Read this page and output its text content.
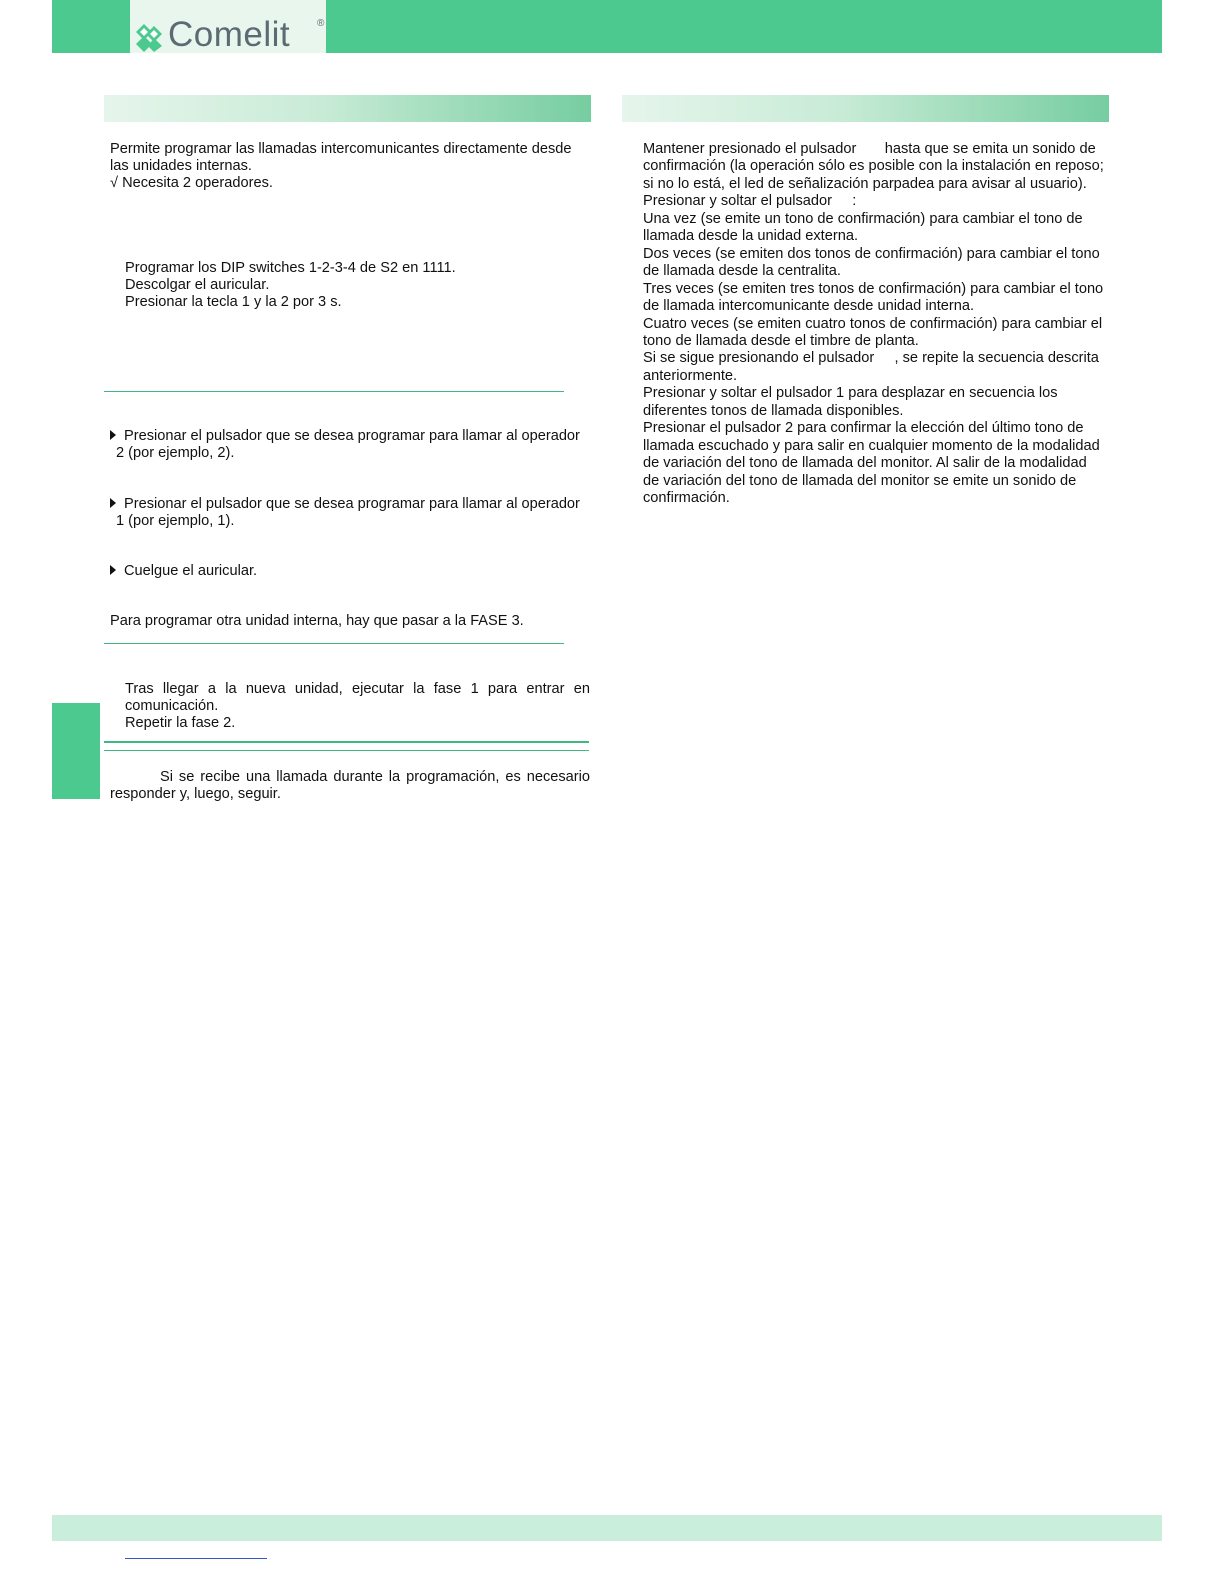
Comelit	®

Permite programar las llamadas intercomunicantes directamente desde

las unidades internas.

√ Necesita 2 operadores.

Programar los DIP switches 1-2-3-4 de S2 en 1111.

Descolgar el auricular.

Presionar la tecla 1 y la 2 por 3 s.

Presionar el pulsador que se desea programar para llamar al operador

2 (por ejemplo, 2).

Presionar el pulsador que se desea programar para llamar al operador

1 (por ejemplo, 1).

Cuelgue el auricular.

Para programar otra unidad interna, hay que pasar a la FASE 3.

Tras llegar a la nueva unidad, ejecutar la fase 1 para entrar en

comunicación.

Repetir la fase 2.

Si se recibe una llamada durante la programación, es necesario

responder y, luego, seguir.

Mantener presionado el pulsador       hasta que se emita un sonido de

confirmación (la operación sólo es posible con la instalación en reposo;

si no lo está, el led de señalización parpadea para avisar al usuario).

Presionar y soltar el pulsador     :

Una vez (se emite un tono de confirmación) para cambiar el tono de

llamada desde la unidad externa.

Dos veces (se emiten dos tonos de confirmación) para cambiar el tono

de llamada desde la centralita.

Tres veces (se emiten tres tonos de confirmación) para cambiar el tono

de llamada intercomunicante desde unidad interna.

Cuatro veces (se emiten cuatro tonos de confirmación) para cambiar el

tono de llamada desde el timbre de planta.

Si se sigue presionando el pulsador     , se repite la secuencia descrita

anteriormente.

Presionar y soltar el pulsador 1 para desplazar en secuencia los

diferentes tonos de llamada disponibles.

Presionar el pulsador 2 para confirmar la elección del último tono de

llamada escuchado y para salir en cualquier momento de la modalidad

de variación del tono de llamada del monitor. Al salir de la modalidad

de variación del tono de llamada del monitor se emite un sonido de

confirmación.
